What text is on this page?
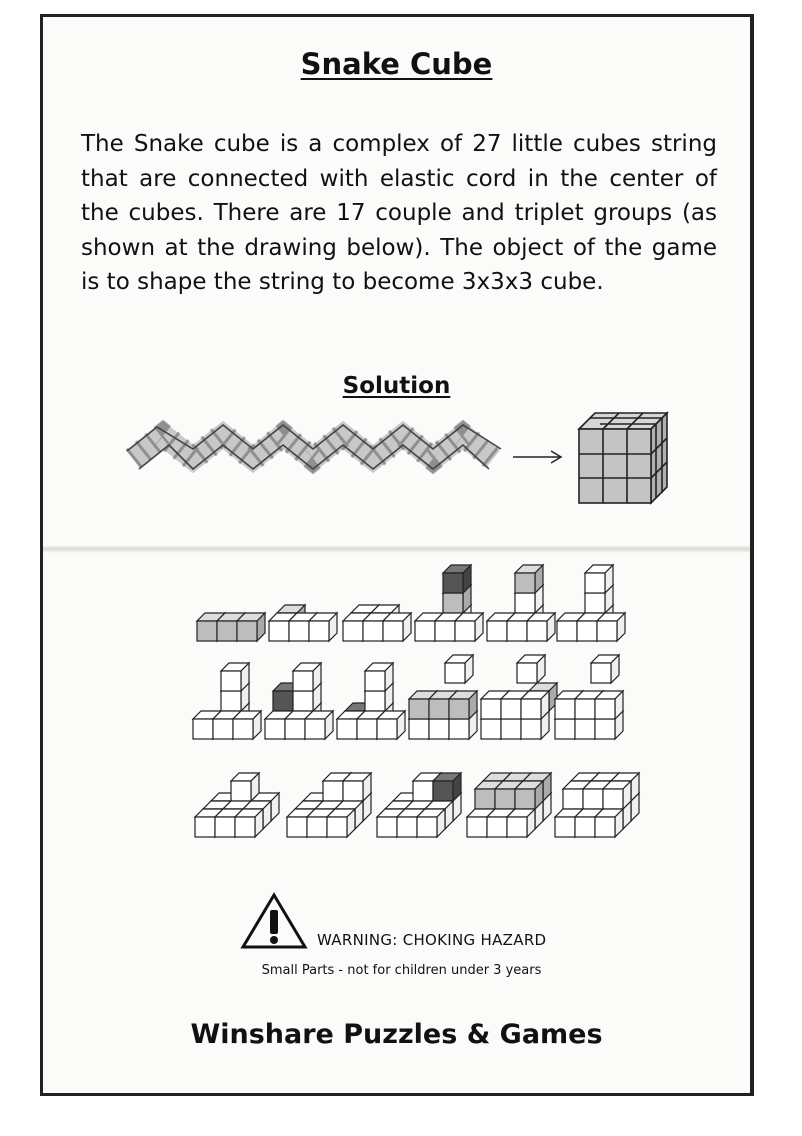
Snake Cube

The Snake cube is a complex of 27 little cubes string that are connected with elastic cord in the center of the cubes. There are 17 couple and triplet groups (as shown at the drawing below). The object of the game is to shape the string to become 3x3x3 cube.

Solution
WARNING: CHOKING HAZARD
Small Parts - not for children under 3 years
Winshare Puzzles & Games
